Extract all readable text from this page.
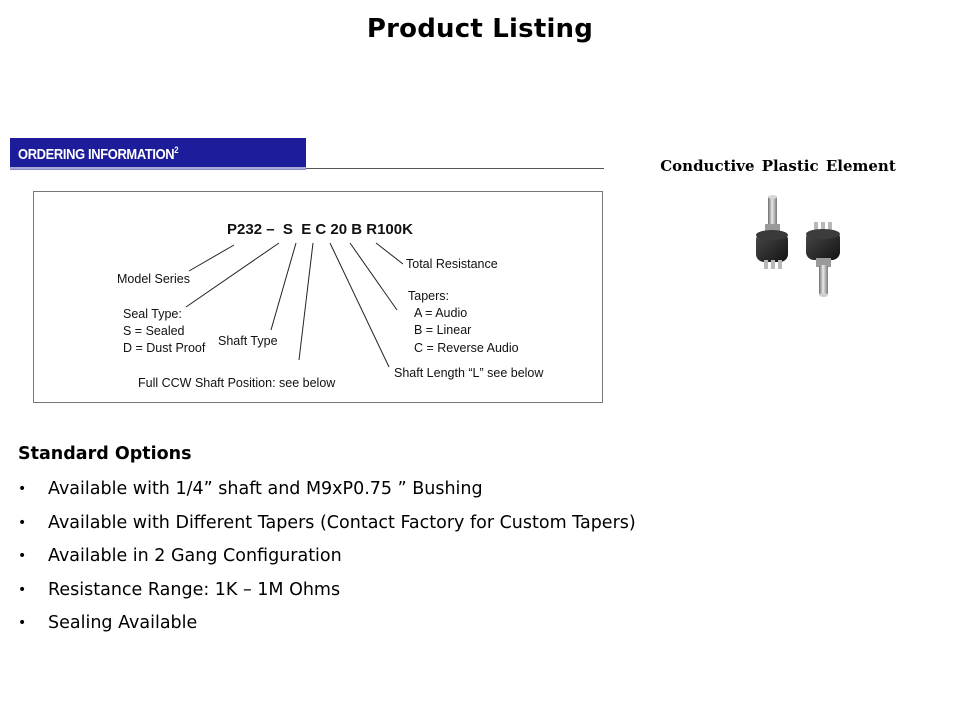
Product Listing
ORDERING INFORMATION$^2$
P232 –  S  E C 20 B R100K
Model Series
Seal Type:
S = Sealed
D = Dust Proof Shaft Type
Full CCW Shaft Position: see below
Total Resistance
Tapers:
A = Audio
B = Linear
C = Reverse Audio
Shaft Length “L” see below
Conductive Plastic Element
Standard Options
• Available with 1/4” shaft and M9xP0.75 ” Bushing
• Available with Different Tapers (Contact Factory for Custom Tapers)
• Available in 2 Gang Configuration
• Resistance Range: 1K – 1M Ohms
• Sealing Available
